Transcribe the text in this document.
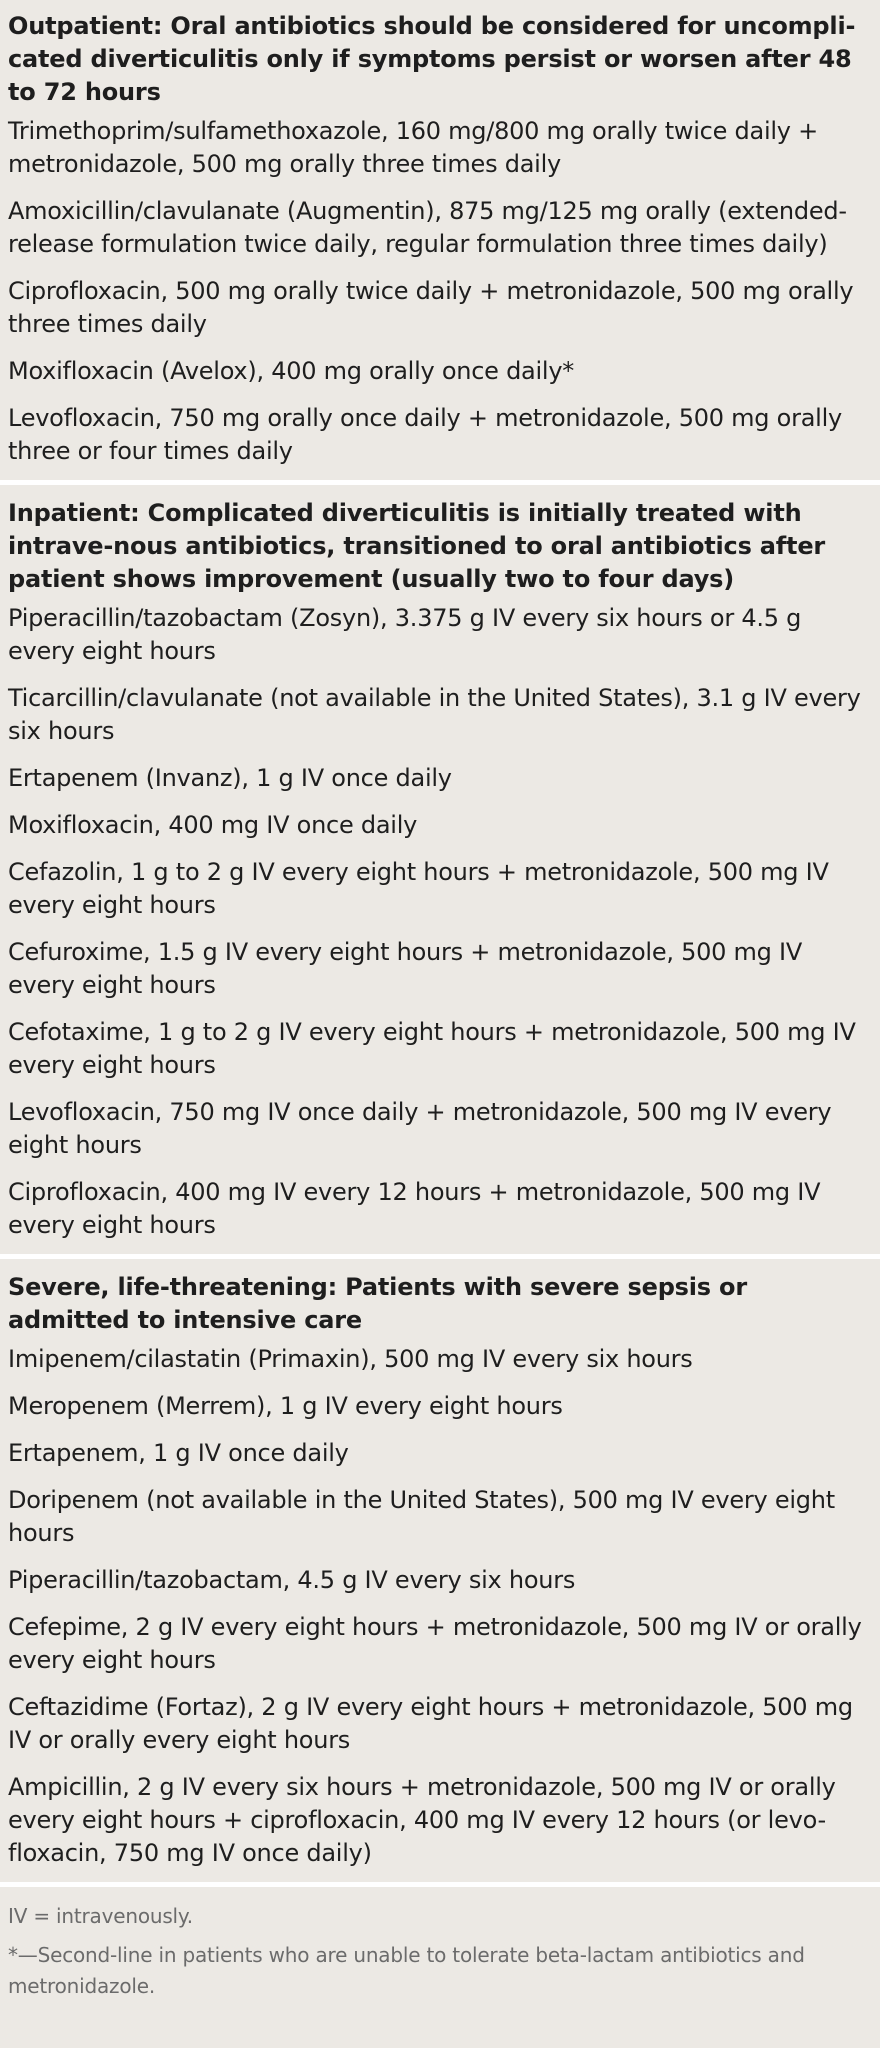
Outpatient: Oral antibiotics should be considered for uncompli-cated diverticulitis only if symptoms persist or worsen after 48 to 72 hours
Trimethoprim/sulfamethoxazole, 160 mg/800 mg orally twice daily + metronidazole, 500 mg orally three times daily
Amoxicillin/clavulanate (Augmentin), 875 mg/125 mg orally (extended-release formulation twice daily, regular formulation three times daily)
Ciprofloxacin, 500 mg orally twice daily + metronidazole, 500 mg orally three times daily
Moxifloxacin (Avelox), 400 mg orally once daily*
Levofloxacin, 750 mg orally once daily + metronidazole, 500 mg orally three or four times daily
Inpatient: Complicated diverticulitis is initially treated with intrave-nous antibiotics, transitioned to oral antibiotics after patient shows improvement (usually two to four days)
Piperacillin/tazobactam (Zosyn), 3.375 g IV every six hours or 4.5 g every eight hours
Ticarcillin/clavulanate (not available in the United States), 3.1 g IV every six hours
Ertapenem (Invanz), 1 g IV once daily
Moxifloxacin, 400 mg IV once daily
Cefazolin, 1 g to 2 g IV every eight hours + metronidazole, 500 mg IV every eight hours
Cefuroxime, 1.5 g IV every eight hours + metronidazole, 500 mg IV every eight hours
Cefotaxime, 1 g to 2 g IV every eight hours + metronidazole, 500 mg IV every eight hours
Levofloxacin, 750 mg IV once daily + metronidazole, 500 mg IV every eight hours
Ciprofloxacin, 400 mg IV every 12 hours + metronidazole, 500 mg IV every eight hours
Severe, life-threatening: Patients with severe sepsis or admitted to intensive care
Imipenem/cilastatin (Primaxin), 500 mg IV every six hours
Meropenem (Merrem), 1 g IV every eight hours
Ertapenem, 1 g IV once daily
Doripenem (not available in the United States), 500 mg IV every eight hours
Piperacillin/tazobactam, 4.5 g IV every six hours
Cefepime, 2 g IV every eight hours + metronidazole, 500 mg IV or orally every eight hours
Ceftazidime (Fortaz), 2 g IV every eight hours + metronidazole, 500 mg IV or orally every eight hours
Ampicillin, 2 g IV every six hours + metronidazole, 500 mg IV or orally every eight hours + ciprofloxacin, 400 mg IV every 12 hours (or levo-floxacin, 750 mg IV once daily)
IV = intravenously.
*—Second-line in patients who are unable to tolerate beta-lactam antibiotics and metronidazole.
